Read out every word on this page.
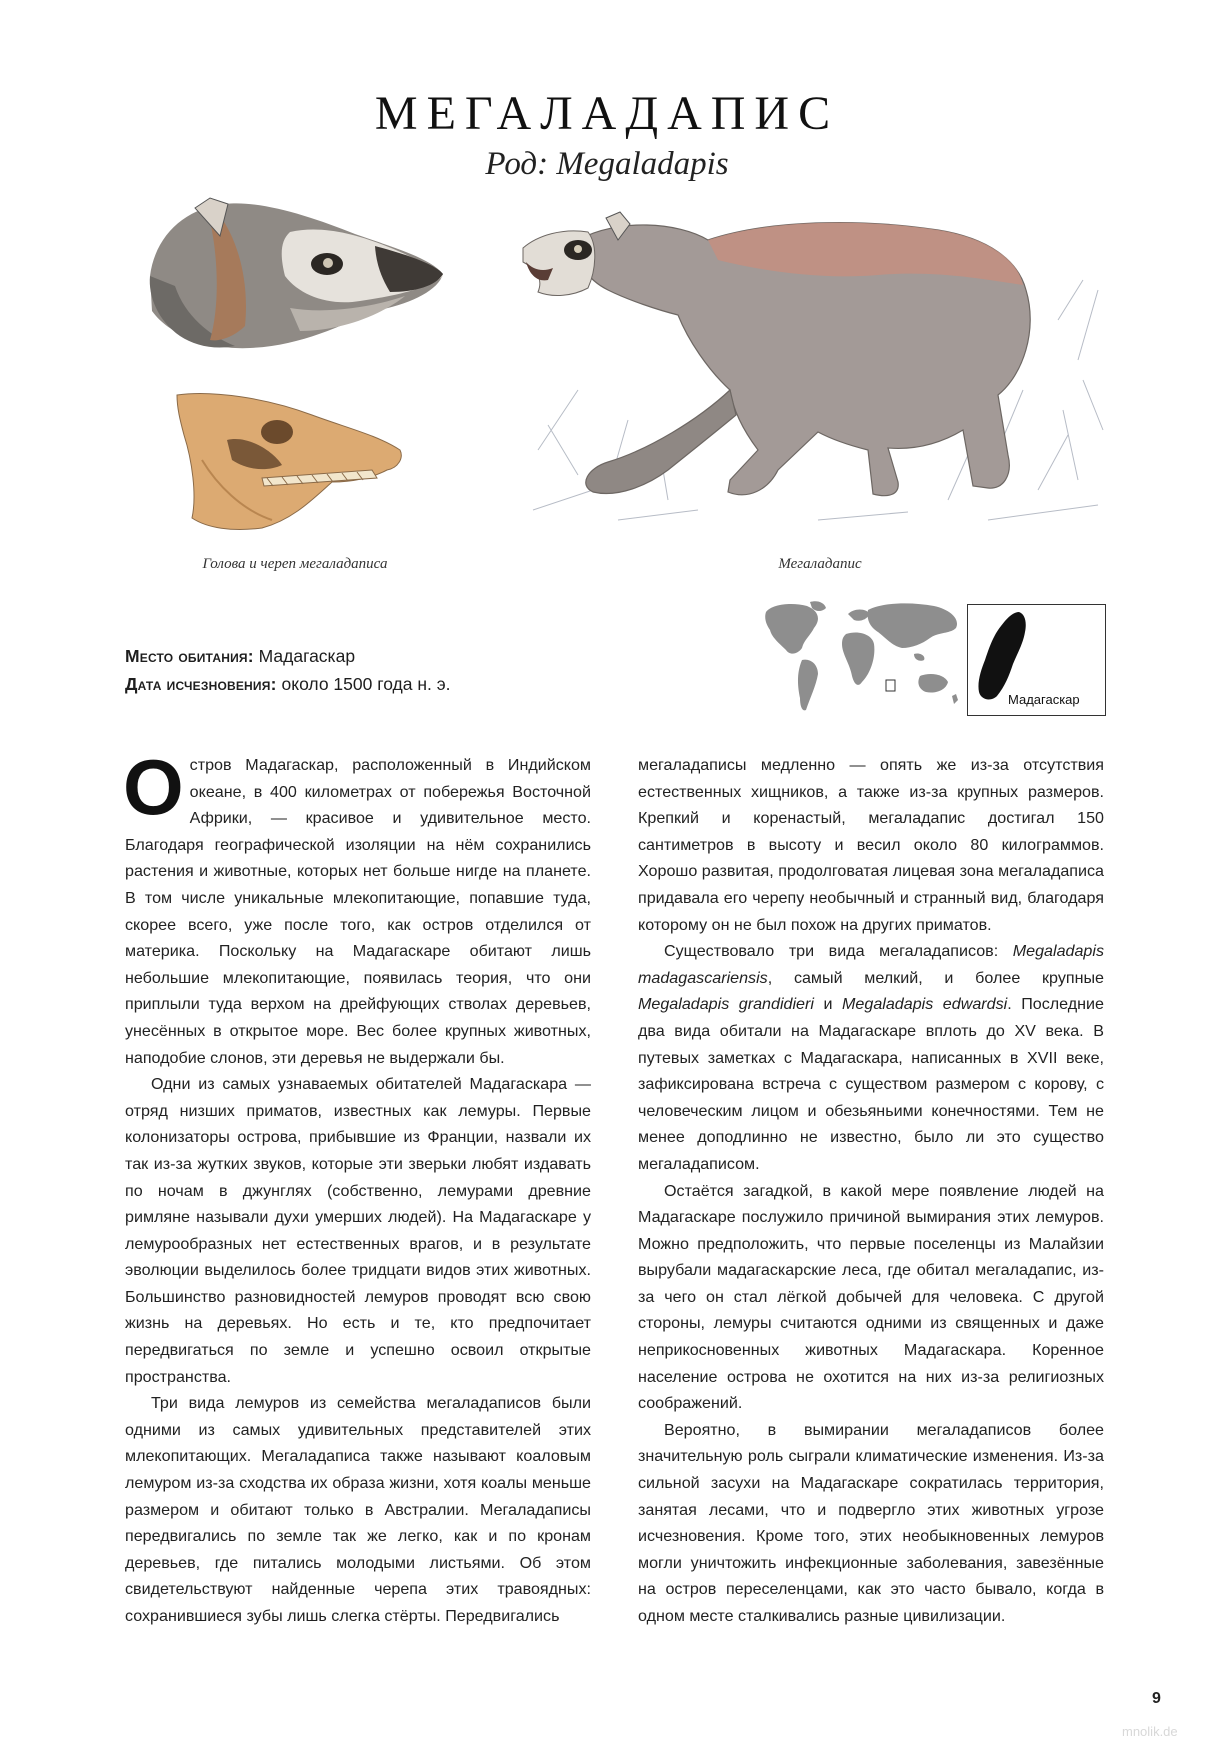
МЕГАЛАДАПИС
Род: Megaladapis
Голова и череп мегаладаписа	Мегаладапис
Место обитания: Мадагаскар
Дата исчезновения: около 1500 года н. э.
Мадагаскар

Остров Мадагаскар, расположенный в Индийском океане, в 400 километрах от побережья Восточной Африки, — красивое и удивительное место. Благодаря географической изоляции на нём сохранились растения и животные, которых нет больше нигде на планете. В том числе уникальные млекопитающие, попавшие туда, скорее всего, уже после того, как остров отделился от материка. Поскольку на Мадагаскаре обитают лишь небольшие млекопитающие, появилась теория, что они приплыли туда верхом на дрейфующих стволах деревьев, унесённых в открытое море. Вес более крупных животных, наподобие слонов, эти деревья не выдержали бы.

Одни из самых узнаваемых обитателей Мадагаскара — отряд низших приматов, известных как лемуры. Первые колонизаторы острова, прибывшие из Франции, назвали их так из-за жутких звуков, которые эти зверьки любят издавать по ночам в джунглях (собственно, лемурами древние римляне называли духи умерших людей). На Мадагаскаре у лемурообразных нет естественных врагов, и в результате эволюции выделилось более тридцати видов этих животных. Большинство разновидностей лемуров проводят всю свою жизнь на деревьях. Но есть и те, кто предпочитает передвигаться по земле и успешно освоил открытые пространства.

Три вида лемуров из семейства мегаладаписов были одними из самых удивительных представителей этих млекопитающих. Мегаладаписа также называют коаловым лемуром из-за сходства их образа жизни, хотя коалы меньше размером и обитают только в Австралии. Мегаладаписы передвигались по земле так же легко, как и по кронам деревьев, где питались молодыми листьями. Об этом свидетельствуют найденные черепа этих травоядных: сохранившиеся зубы лишь слегка стёрты. Передвигались

мегаладаписы медленно — опять же из-за отсутствия естественных хищников, а также из-за крупных размеров. Крепкий и коренастый, мегаладапис достигал 150 сантиметров в высоту и весил около 80 килограммов. Хорошо развитая, продолговатая лицевая зона мегаладаписа придавала его черепу необычный и странный вид, благодаря которому он не был похож на других приматов.

Существовало три вида мегаладаписов: Megaladapis madagascariensis, самый мелкий, и более крупные Megaladapis grandidieri и Megaladapis edwardsi. Последние два вида обитали на Мадагаскаре вплоть до XV века. В путевых заметках с Мадагаскара, написанных в XVII веке, зафиксирована встреча с существом размером с корову, с человеческим лицом и обезьяньими конечностями. Тем не менее доподлинно не известно, было ли это существо мегаладаписом.

Остаётся загадкой, в какой мере появление людей на Мадагаскаре послужило причиной вымирания этих лемуров. Можно предположить, что первые поселенцы из Малайзии вырубали мадагаскарские леса, где обитал мегаладапис, из-за чего он стал лёгкой добычей для человека. С другой стороны, лемуры считаются одними из священных и даже неприкосновенных животных Мадагаскара. Коренное население острова не охотится на них из-за религиозных соображений.

Вероятно, в вымирании мегаладаписов более значительную роль сыграли климатические изменения. Из-за сильной засухи на Мадагаскаре сократилась территория, занятая лесами, что и подвергло этих животных угрозе исчезновения. Кроме того, этих необыкновенных лемуров могли уничтожить инфекционные заболевания, завезённые на остров переселенцами, как это часто бывало, когда в одном месте сталкивались разные цивилизации.

9
mnolik.de
